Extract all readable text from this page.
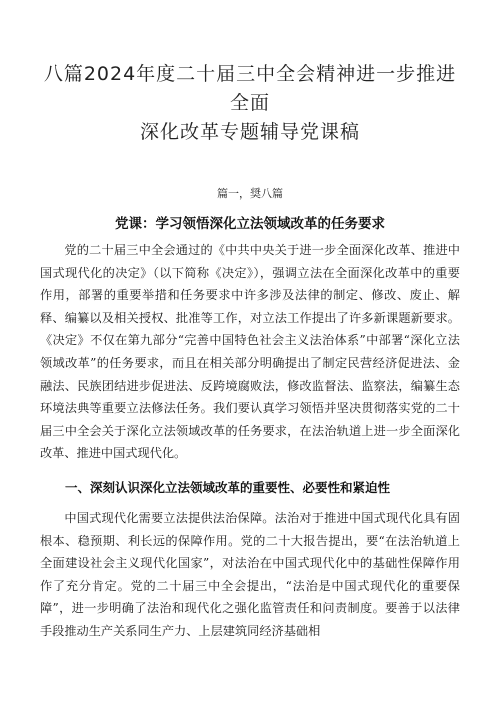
八篇2024年度二十届三中全会精神进一步推进全面
深化改革专题辅导党课稿
篇一，奨八篇
党课：学习领悟深化立法领域改革的任务要求

党的二十届三中全会通过的《中共中央关于进一步全面深化改革、推进中国式现代化的决定》（以下简称《决定》），强调立法在全面深化改革中的重要作用，部署的重要举措和任务要求中许多涉及法律的制定、修改、废止、解释、编纂以及相关授权、批准等工作，对立法工作提出了许多新课题新要求。《决定》不仅在第九部分“完善中国特色社会主义法治体系”中部署“深化立法领域改革”的任务要求，而且在相关部分明确提出了制定民营经济促进法、金融法、民族团结进步促进法、反跨境腐败法，修改监督法、监察法，编纂生态环境法典等重要立法修法任务。我们要认真学习领悟并坚决贯彻落实党的二十届三中全会关于深化立法领域改革的任务要求，在法治轨道上进一步全面深化改革、推进中国式现代化。

一、深刻认识深化立法领域改革的重要性、必要性和紧迫性

中国式现代化需要立法提供法治保障。法治对于推进中国式现代化具有固根本、稳预期、利长远的保障作用。党的二十大报告提出，要“在法治轨道上全面建设社会主义现代化国家”，对法治在中国式现代化中的基础性保障作用作了充分肯定。党的二十届三中全会提出，“法治是中国式现代化的重要保障”，进一步明确了法治和现代化之强化监管责任和问责制度。要善于以法律手段推动生产关系同生产力、上层建筑同经济基础相
